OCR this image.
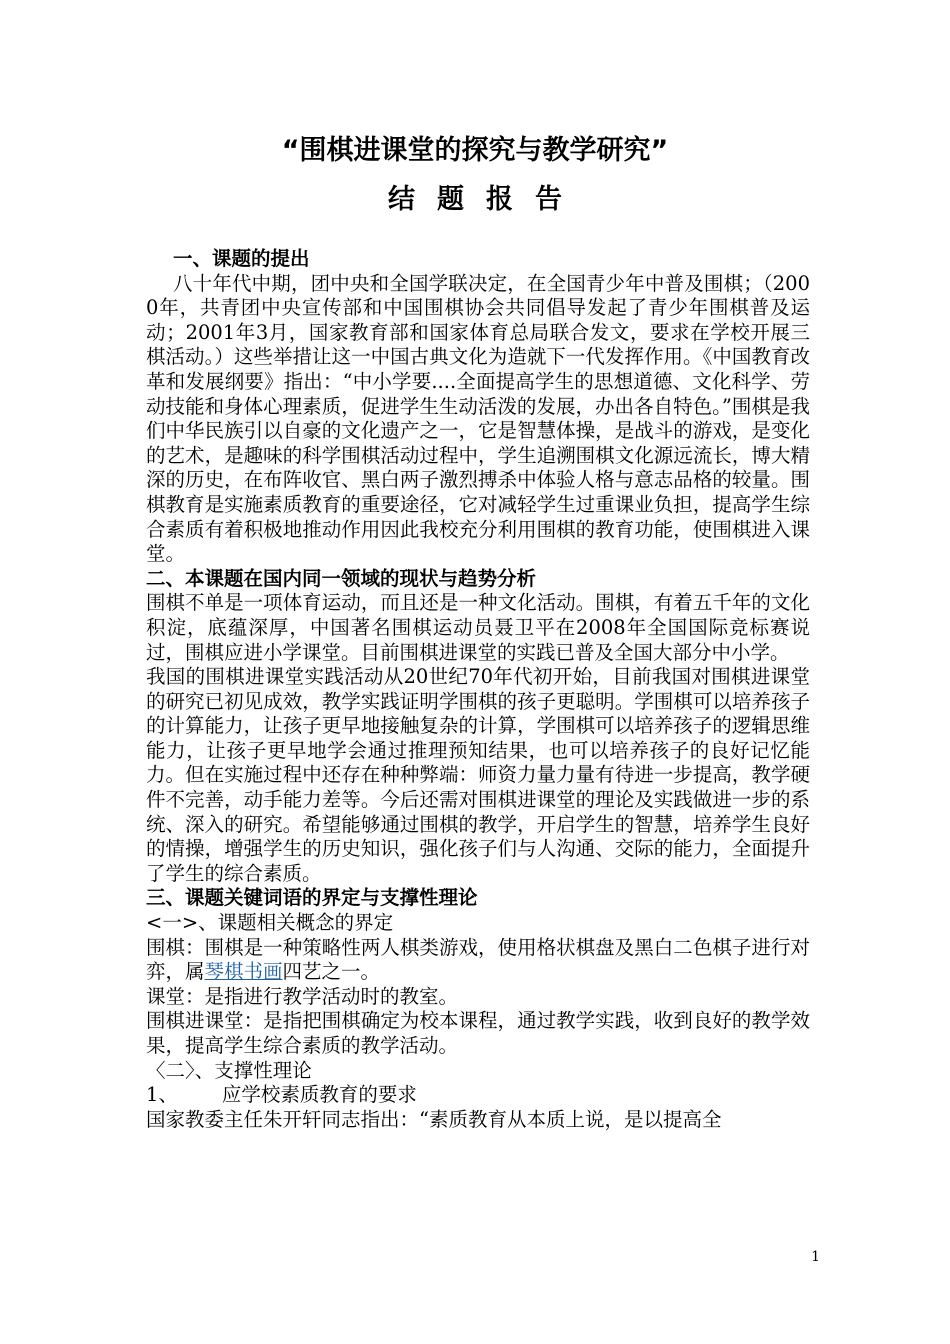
“围棋进课堂的探究与教学研究”
结题报告

一、课题的提出

八十年代中期，团中央和全国学联决定，在全国青少年中普及围棋；（2000年，共青团中央宣传部和中国围棋协会共同倡导发起了青少年围棋普及运动；2001年3月，国家教育部和国家体育总局联合发文，要求在学校开展三棋活动。）这些举措让这一中国古典文化为造就下一代发挥作用。《中国教育改革和发展纲要》指出：“中小学要....全面提高学生的思想道德、文化科学、劳动技能和身体心理素质，促进学生生动活泼的发展，办出各自特色。”围棋是我们中华民族引以自豪的文化遗产之一，它是智慧体操，是战斗的游戏，是变化的艺术，是趣味的科学围棋活动过程中，学生追溯围棋文化源远流长，博大精深的历史，在布阵收官、黑白两子激烈搏杀中体验人格与意志品格的较量。围棋教育是实施素质教育的重要途径，它对减轻学生过重课业负担，提高学生综合素质有着积极地推动作用因此我校充分利用围棋的教育功能，使围棋进入课堂。

二、本课题在国内同一领域的现状与趋势分析

围棋不单是一项体育运动，而且还是一种文化活动。围棋，有着五千年的文化积淀，底蕴深厚，中国著名围棋运动员聂卫平在2008年全国国际竞标赛说过，围棋应进小学课堂。目前围棋进课堂的实践已普及全国大部分中小学。

我国的围棋进课堂实践活动从20世纪70年代初开始，目前我国对围棋进课堂的研究已初见成效，教学实践证明学围棋的孩子更聪明。学围棋可以培养孩子的计算能力，让孩子更早地接触复杂的计算，学围棋可以培养孩子的逻辑思维能力，让孩子更早地学会通过推理预知结果，也可以培养孩子的良好记忆能力。但在实施过程中还存在种种弊端：师资力量力量有待进一步提高，教学硬件不完善，动手能力差等。今后还需对围棋进课堂的理论及实践做进一步的系统、深入的研究。希望能够通过围棋的教学，开启学生的智慧，培养学生良好的情操，增强学生的历史知识，强化孩子们与人沟通、交际的能力，全面提升了学生的综合素质。

三、课题关键词语的界定与支撑性理论

<一>、课题相关概念的界定

围棋：围棋是一种策略性两人棋类游戏，使用格状棋盘及黑白二色棋子进行对弈，属琴棋书画四艺之一。

课堂：是指进行教学活动时的教室。

围棋进课堂：是指把围棋确定为校本课程，通过教学实践，收到良好的教学效果，提高学生综合素质的教学活动。

〈二〉、支撑性理论

1、 应学校素质教育的要求

国家教委主任朱开轩同志指出：“素质教育从本质上说，是以提高全

1
